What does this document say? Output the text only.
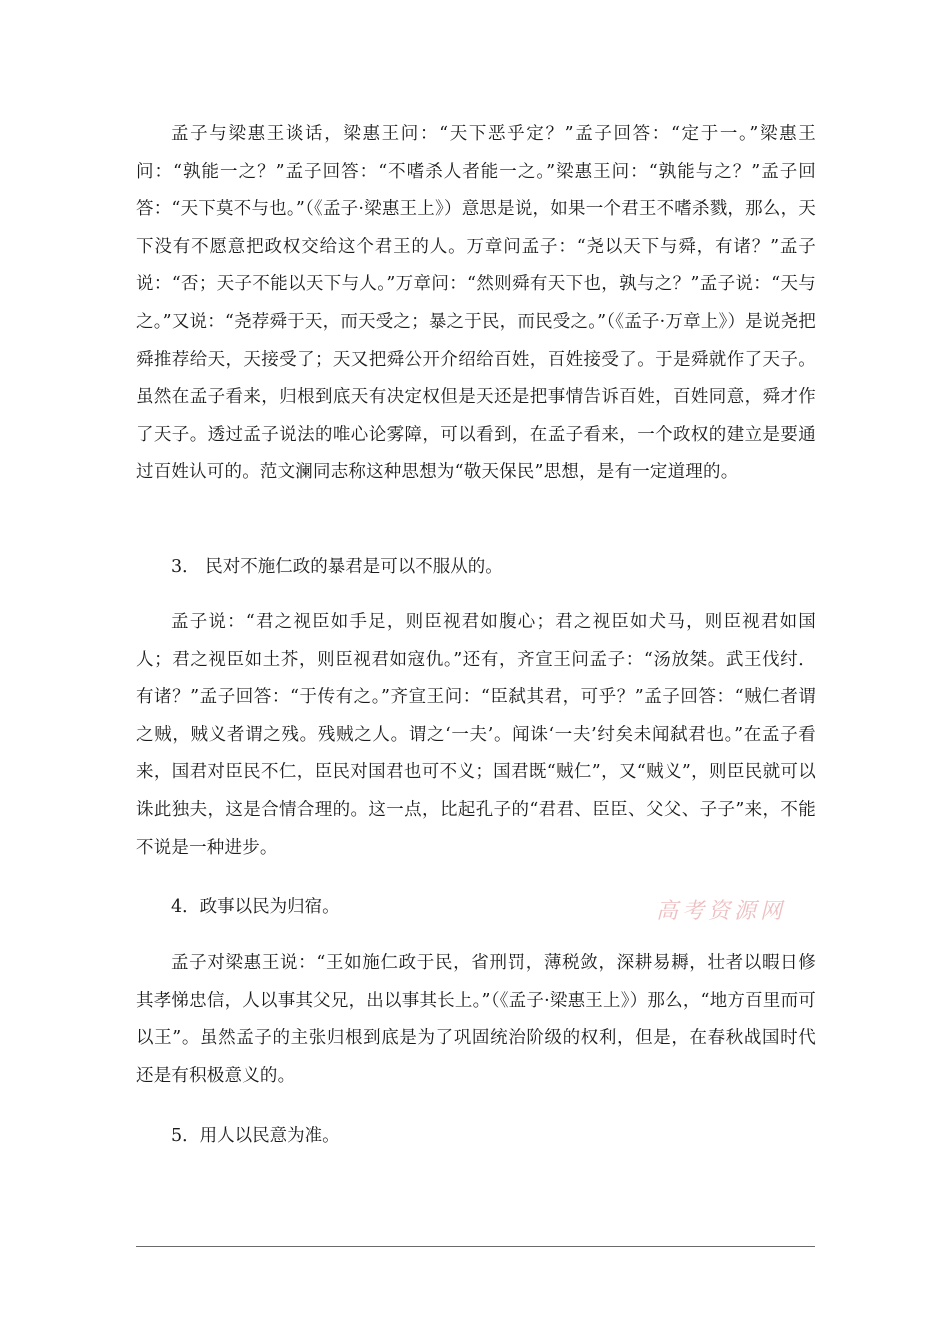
孟子与梁惠王谈话，梁惠王问：“天下恶乎定？”孟子回答：“定于一。”梁惠王问：“孰能一之？”孟子回答：“不嗜杀人者能一之。”梁惠王问：“孰能与之？”孟子回答：“天下莫不与也。”（《孟子·梁惠王上》）意思是说，如果一个君王不嗜杀戮，那么，天下没有不愿意把政权交给这个君王的人。万章问孟子：“尧以天下与舜，有诸？”孟子说：“否；天子不能以天下与人。”万章问：“然则舜有天下也，孰与之？”孟子说：“天与之。”又说：“尧荐舜于天，而天受之；暴之于民，而民受之。”（《孟子·万章上》）是说尧把舜推荐给天，天接受了；天又把舜公开介绍给百姓，百姓接受了。于是舜就作了天子。虽然在孟子看来，归根到底天有决定权但是天还是把事情告诉百姓，百姓同意，舜才作了天子。透过孟子说法的唯心论雾障，可以看到，在孟子看来，一个政权的建立是要通过百姓认可的。范文澜同志称这种思想为“敬天保民”思想，是有一定道理的。

3． 民对不施仁政的暴君是可以不服从的。

孟子说：“君之视臣如手足，则臣视君如腹心；君之视臣如犬马，则臣视君如国人；君之视臣如土芥，则臣视君如寇仇。”还有，齐宣王问孟子：“汤放桀。武王伐纣．有诸？”孟子回答：“于传有之。”齐宣王问：“臣弑其君，可乎？”孟子回答：“贼仁者谓之贼，贼义者谓之残。残贼之人。谓之‘一夫’。闻诛‘一夫’纣矣未闻弑君也。”在孟子看来，国君对臣民不仁，臣民对国君也可不义；国君既“贼仁”，又“贼义”，则臣民就可以诛此独夫，这是合情合理的。这一点，比起孔子的“君君、臣臣、父父、子子”来，不能不说是一种进步。

4．政事以民为归宿。	高考资源网

孟子对梁惠王说：“王如施仁政于民，省刑罚，薄税敛，深耕易耨，壮者以暇日修其孝悌忠信，人以事其父兄，出以事其长上。”（《孟子·梁惠王上》）那么，“地方百里而可以王”。虽然孟子的主张归根到底是为了巩固统治阶级的权利，但是，在春秋战国时代还是有积极意义的。

5．用人以民意为准。
